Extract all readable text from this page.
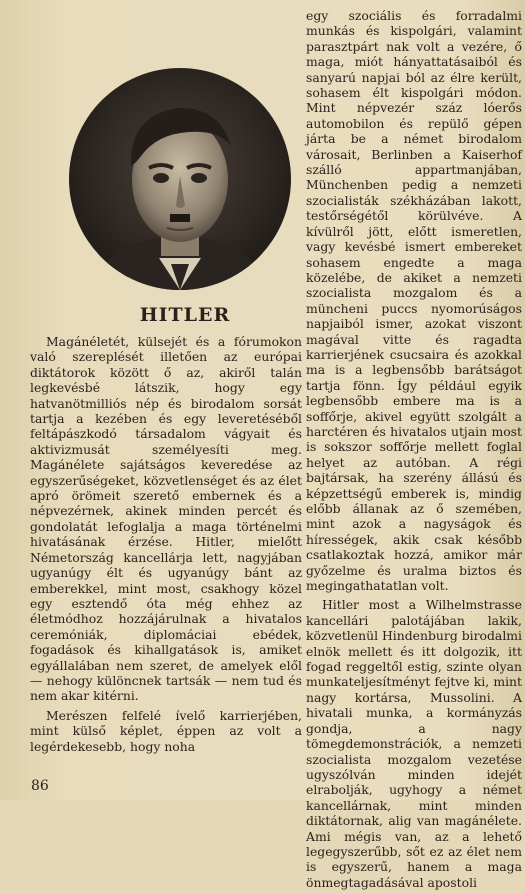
HITLER

Magánéletét, külsejét és a fórumokon való szereplését illetően az európai diktátorok között ő az, akiről talán legkevésbé látszik, hogy egy hatvanötmilliós nép és birodalom sorsát tartja a kezében és egy leveretéséből feltápászkodó társadalom vágyait és aktivizmusát személyesíti meg. Magánélete sajátságos keveredése az egyszerűségeket, közvetlenséget és az élet apró örömeit szerető embernek és a népvezérnek, akinek minden percét és gondolatát lefoglalja a maga történelmi hivatásának érzése. Hitler, mielőtt Németország kancellárja lett, nagyjában ugyanúgy élt és ugyanúgy bánt az emberekkel, mint most, csakhogy közel egy esztendő óta még ehhez az életmódhoz hozzájárulnak a hivatalos ceremóniák, diplomáciai ebédek, fogadások és kihallgatások is, amiket egyállalában nem szeret, de amelyek elől — nehogy különcnek tartsák — nem tud és nem akar kitérni.

Merészen felfelé ívelő karrierjében, mint külső képlet, éppen az volt a legérdekesebb, hogy noha

egy szociális és forradalmi munkás és kispolgári, valamint parasztpárt nak volt a vezére, ő maga, miót hányattatásaiból és sanyarú napjai ból az élre került, sohasem élt kispolgári módon. Mint népvezér száz lóerős automobilon és repülő gépen járta be a német birodalom városait, Berlinben a Kaiserhof szálló appartmanjában, Münchenben pedig a nemzeti szocialisták székházában lakott, testőrségétől körülvéve. A kívülről jött, előtt ismeretlen, vagy kevésbé ismert embereket sohasem engedte a maga közelébe, de akiket a nemzeti szocialista mozgalom és a müncheni puccs nyomorúságos napjaiból ismer, azokat viszont magával vitte és ragadta karrierjének csucsaira és azokkal ma is a legbensőbb barátságot tartja fönn. Így például egyik legbensőbb embere ma is a soffőrje, akivel együtt szolgált a harctéren és hivatalos utjain most is sokszor soffőrje mellett foglal helyet az autóban. A régi bajtársak, ha szerény állású és képzettségű emberek is, mindig előbb állanak az ő szemében, mint azok a nagyságok és hírességek, akik csak később csatlakoztak hozzá, amikor már győzelme és uralma biztos és megingathatatlan volt.

Hitler most a Wilhelmstrasse kancellári palotájában lakik, közvetlenül Hindenburg birodalmi elnök mellett és itt dolgozik, itt fogad reggeltől estig, szinte olyan munkateljesítményt fejtve ki, mint nagy kortársa, Mussolini. A hivatali munka, a kormányzás gondja, a nagy tömegdemonstrációk, a nemzeti szocialista mozgalom vezetése ugyszólván minden idejét elrabolják, ugyhogy a német kancellárnak, mint minden diktátornak, alig van magánélete. Ami mégis van, az a lehető legegyszerűbb, sőt ez az élet nem is egyszerű, hanem a maga önmegtagadásával apostoli

86
